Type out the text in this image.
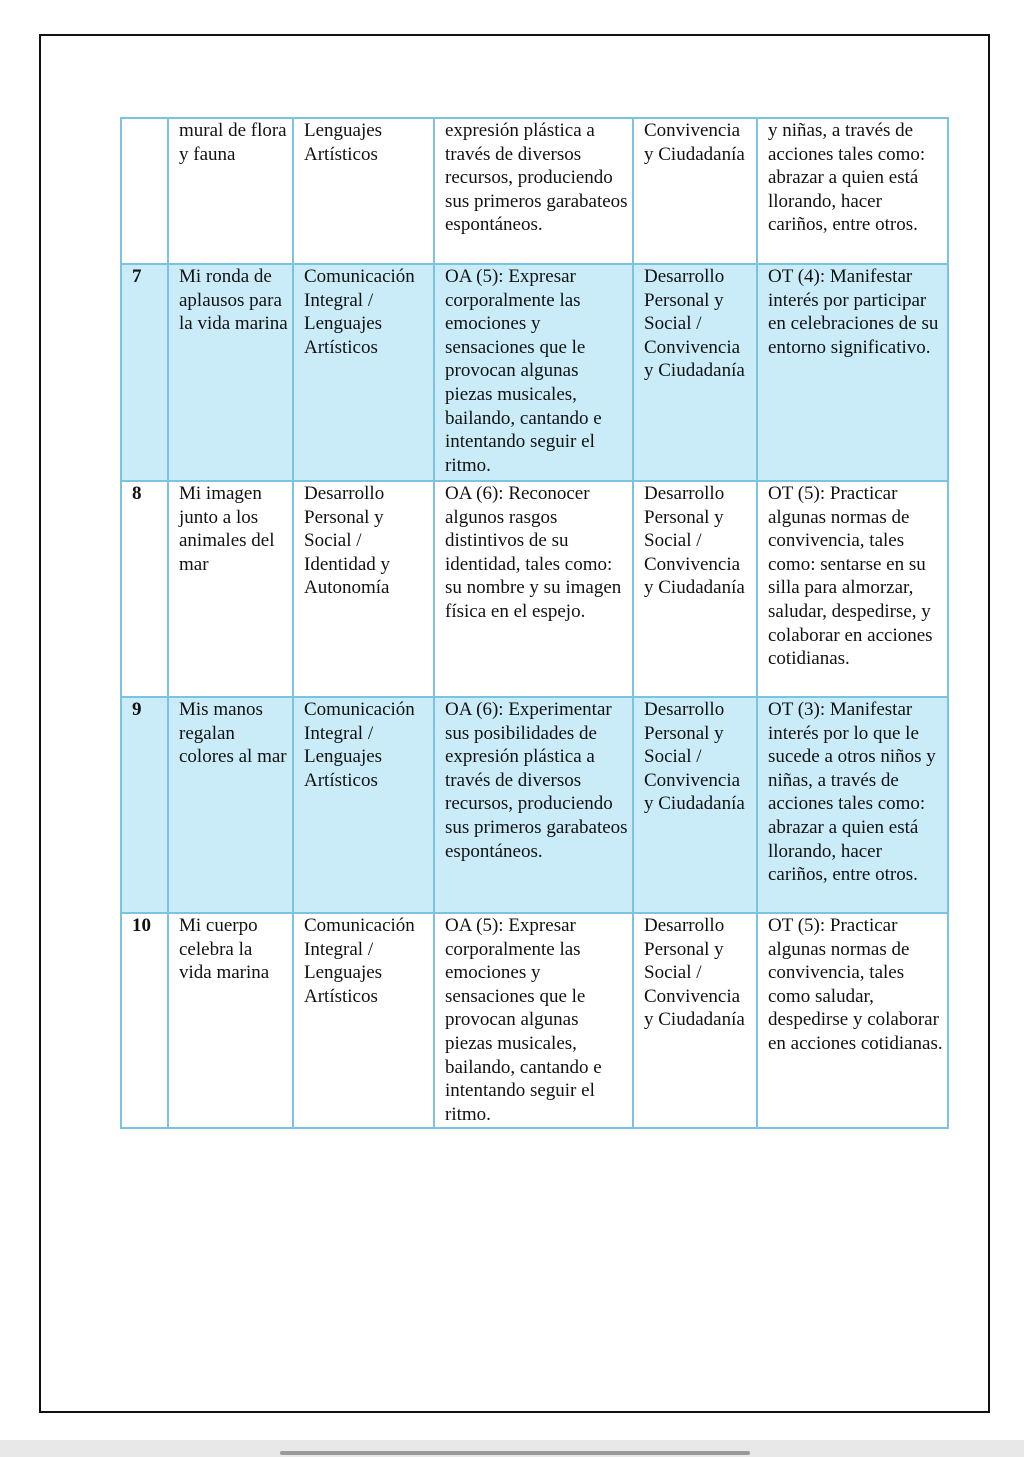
	mural de flora y fauna	Lenguajes Artísticos	expresión plástica a través de diversos recursos, produciendo sus primeros garabateos espontáneos.	Convivencia y Ciudadanía	y niñas, a través de acciones tales como: abrazar a quien está llorando, hacer cariños, entre otros.
7	Mi ronda de aplausos para la vida marina	Comunicación Integral / Lenguajes Artísticos	OA (5): Expresar corporalmente las emociones y sensaciones que le provocan algunas piezas musicales, bailando, cantando e intentando seguir el ritmo.	Desarrollo Personal y Social / Convivencia y Ciudadanía	OT (4): Manifestar interés por participar en celebraciones de su entorno significativo.
8	Mi imagen junto a los animales del mar	Desarrollo Personal y Social / Identidad y Autonomía	OA (6): Reconocer algunos rasgos distintivos de su identidad, tales como: su nombre y su imagen física en el espejo.	Desarrollo Personal y Social / Convivencia y Ciudadanía	OT (5): Practicar algunas normas de convivencia, tales como: sentarse en su silla para almorzar, saludar, despedirse, y colaborar en acciones cotidianas.
9	Mis manos regalan colores al mar	Comunicación Integral / Lenguajes Artísticos	OA (6): Experimentar sus posibilidades de expresión plástica a través de diversos recursos, produciendo sus primeros garabateos espontáneos.	Desarrollo Personal y Social / Convivencia y Ciudadanía	OT (3): Manifestar interés por lo que le sucede a otros niños y niñas, a través de acciones tales como: abrazar a quien está llorando, hacer cariños, entre otros.
10	Mi cuerpo celebra la vida marina	Comunicación Integral / Lenguajes Artísticos	OA (5): Expresar corporalmente las emociones y sensaciones que le provocan algunas piezas musicales, bailando, cantando e intentando seguir el ritmo.	Desarrollo Personal y Social / Convivencia y Ciudadanía	OT (5): Practicar algunas normas de convivencia, tales como saludar, despedirse y colaborar en acciones cotidianas.
